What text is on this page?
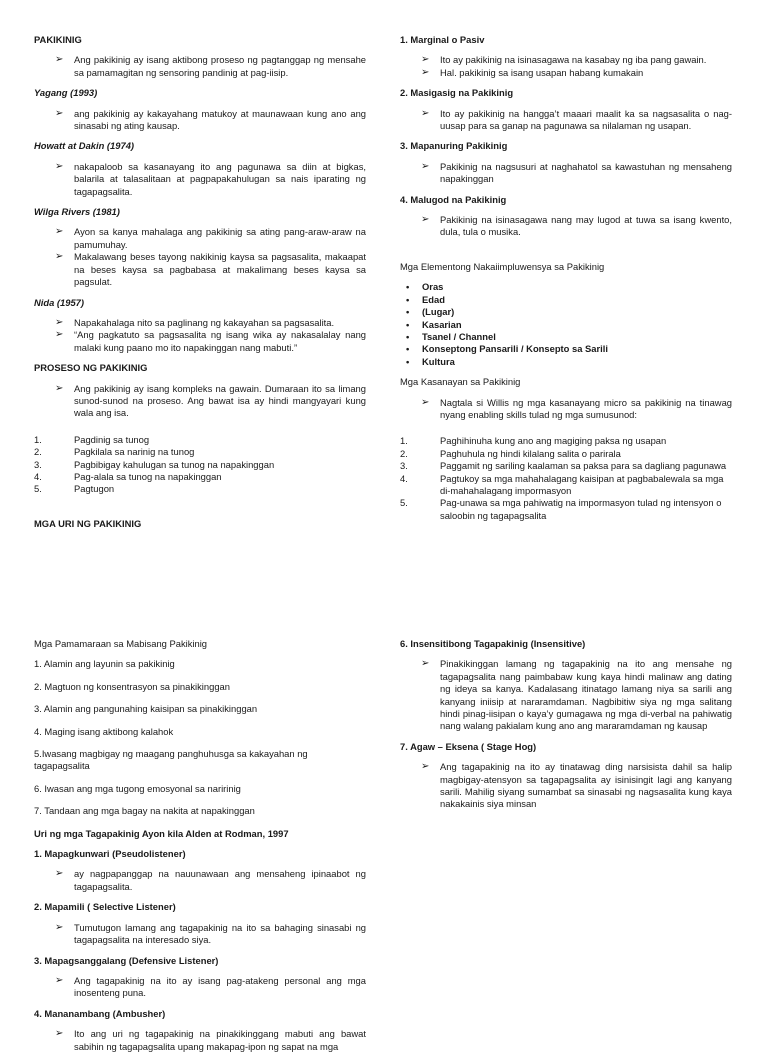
PAKIKINIG
➢ Ang pakikinig ay isang aktibong proseso ng pagtanggap ng mensahe sa pamamagitan ng sensoring pandinig at pag-iisip.
Yagang (1993)
➢ ang pakikinig ay kakayahang matukoy at maunawaan kung ano ang sinasabi ng ating kausap.
Howatt at Dakin (1974)
➢ nakapaloob sa kasanayang ito ang pagunawa sa diin at bigkas, balarila at talasalitaan at pagpapakahulugan sa nais iparating ng tagapagsalita.
Wilga Rivers (1981)
➢ Ayon sa kanya mahalaga ang pakikinig sa ating pang-araw-araw na pamumuhay.
➢ Makalawang beses tayong nakikinig kaysa sa pagsasalita, makaapat na beses kaysa sa pagbabasa at makalimang beses kaysa sa pagsulat.
Nida (1957)
➢ Napakahalaga nito sa paglinang ng kakayahan sa pagsasalita.
➢ “Ang pagkatuto sa pagsasalita ng isang wika ay nakasalalay nang malaki kung paano mo ito napakinggan nang mabuti.”
PROSESO NG PAKIKINIG
➢ Ang pakikinig ay isang kompleks na gawain. Dumaraan ito sa limang sunod-sunod na proseso. Ang bawat isa ay hindi mangyayari kung wala ang isa.
1.	Pagdinig sa tunog
2.	Pagkilala sa narinig na tunog
3.	Pagbibigay kahulugan sa tunog na napakinggan
4.	Pag-alala sa tunog na napakinggan
5.	Pagtugon
MGA URI NG PAKIKINIG
1. Marginal o Pasiv
➢ Ito ay pakikinig na isinasagawa na kasabay ng iba pang gawain.
➢ Hal. pakikinig sa isang usapan habang kumakain
2. Masigasig na Pakikinig
➢ Ito ay pakikinig na hangga’t maaari maalit ka sa nagsasalita o nag-uusap para sa ganap na pagunawa sa nilalaman ng usapan.
3. Mapanuring Pakikinig
➢ Pakikinig na nagsusuri at naghahatol sa kawastuhan ng mensaheng napakinggan
4. Malugod na Pakikinig
➢ Pakikinig na isinasagawa nang may lugod at tuwa sa isang kwento, dula, tula o musika.
Mga Elementong Nakaiimpluwensya sa Pakikinig
• Oras
• Edad
• (Lugar)
• Kasarian
• Tsanel / Channel
• Konseptong Pansarili / Konsepto sa Sarili
• Kultura
Mga Kasanayan sa Pakikinig
➢ Nagtala si Willis ng mga kasanayang micro sa pakikinig na tinawag nyang enabling skills tulad ng mga sumusunod:
1.	Paghihinuha kung ano ang magiging paksa ng usapan
2.	Paghuhula ng hindi kilalang salita o parirala
3.	Paggamit ng sariling kaalaman sa paksa para sa dagliang pagunawa
4.	Pagtukoy sa mga mahahalagang kaisipan at pagbabalewala sa mga di-mahahalagang impormasyon
5.	Pag-unawa sa mga pahiwatig na impormasyon tulad ng intensyon o saloobin ng tagapagsalita
Mga Pamamaraan sa Mabisang Pakikinig
1. Alamin ang layunin sa pakikinig
2. Magtuon ng konsentrasyon sa pinakikinggan
3. Alamin ang pangunahing kaisipan sa pinakikinggan
4. Maging isang aktibong kalahok
5.Iwasang magbigay ng maagang panghuhusga sa kakayahan ng tagapagsalita
6. Iwasan ang mga tugong emosyonal sa naririnig
7. Tandaan ang mga bagay na nakita at napakinggan
Uri ng mga Tagapakinig Ayon kila Alden at Rodman, 1997
1. Mapagkunwari (Pseudolistener)
➢ ay nagpapanggap na nauunawaan ang mensaheng ipinaabot ng tagapagsalita.
2. Mapamili ( Selective Listener)
➢ Tumutugon lamang ang tagapakinig na ito sa bahaging sinasabi ng tagapagsalita na interesado siya.
3. Mapagsanggalang (Defensive Listener)
➢ Ang tagapakinig na ito ay isang pag-atakeng personal ang mga inosenteng puna.
4. Mananambang (Ambusher)
➢ Ito ang uri ng tagapakinig na pinakikinggang mabuti ang bawat sabihin ng tagapagsalita upang makapag-ipon ng sapat na mga
6. Insensitibong Tagapakinig (Insensitive)
➢ Pinakikinggan lamang ng tagapakinig na ito ang mensahe ng tagapagsalita nang paimbabaw kung kaya hindi malinaw ang dating ng ideya sa kanya. Kadalasang itinatago lamang niya sa sarili ang kanyang iniisip at nararamdaman. Nagbibitiw siya ng mga salitang hindi pinag-iisipan o kaya’y gumagawa ng mga di-verbal na pahiwatig nang walang pakialam kung ano ang mararamdaman ng kausap
7. Agaw – Eksena ( Stage Hog)
➢ Ang tagapakinig na ito ay tinatawag ding narsisista dahil sa halip magbigay-atensyon sa tagapagsalita ay isinisingit lagi ang kanyang sarili. Mahilig siyang sumambat sa sinasabi ng nagsasalita kung kaya nakakainis siya minsan
